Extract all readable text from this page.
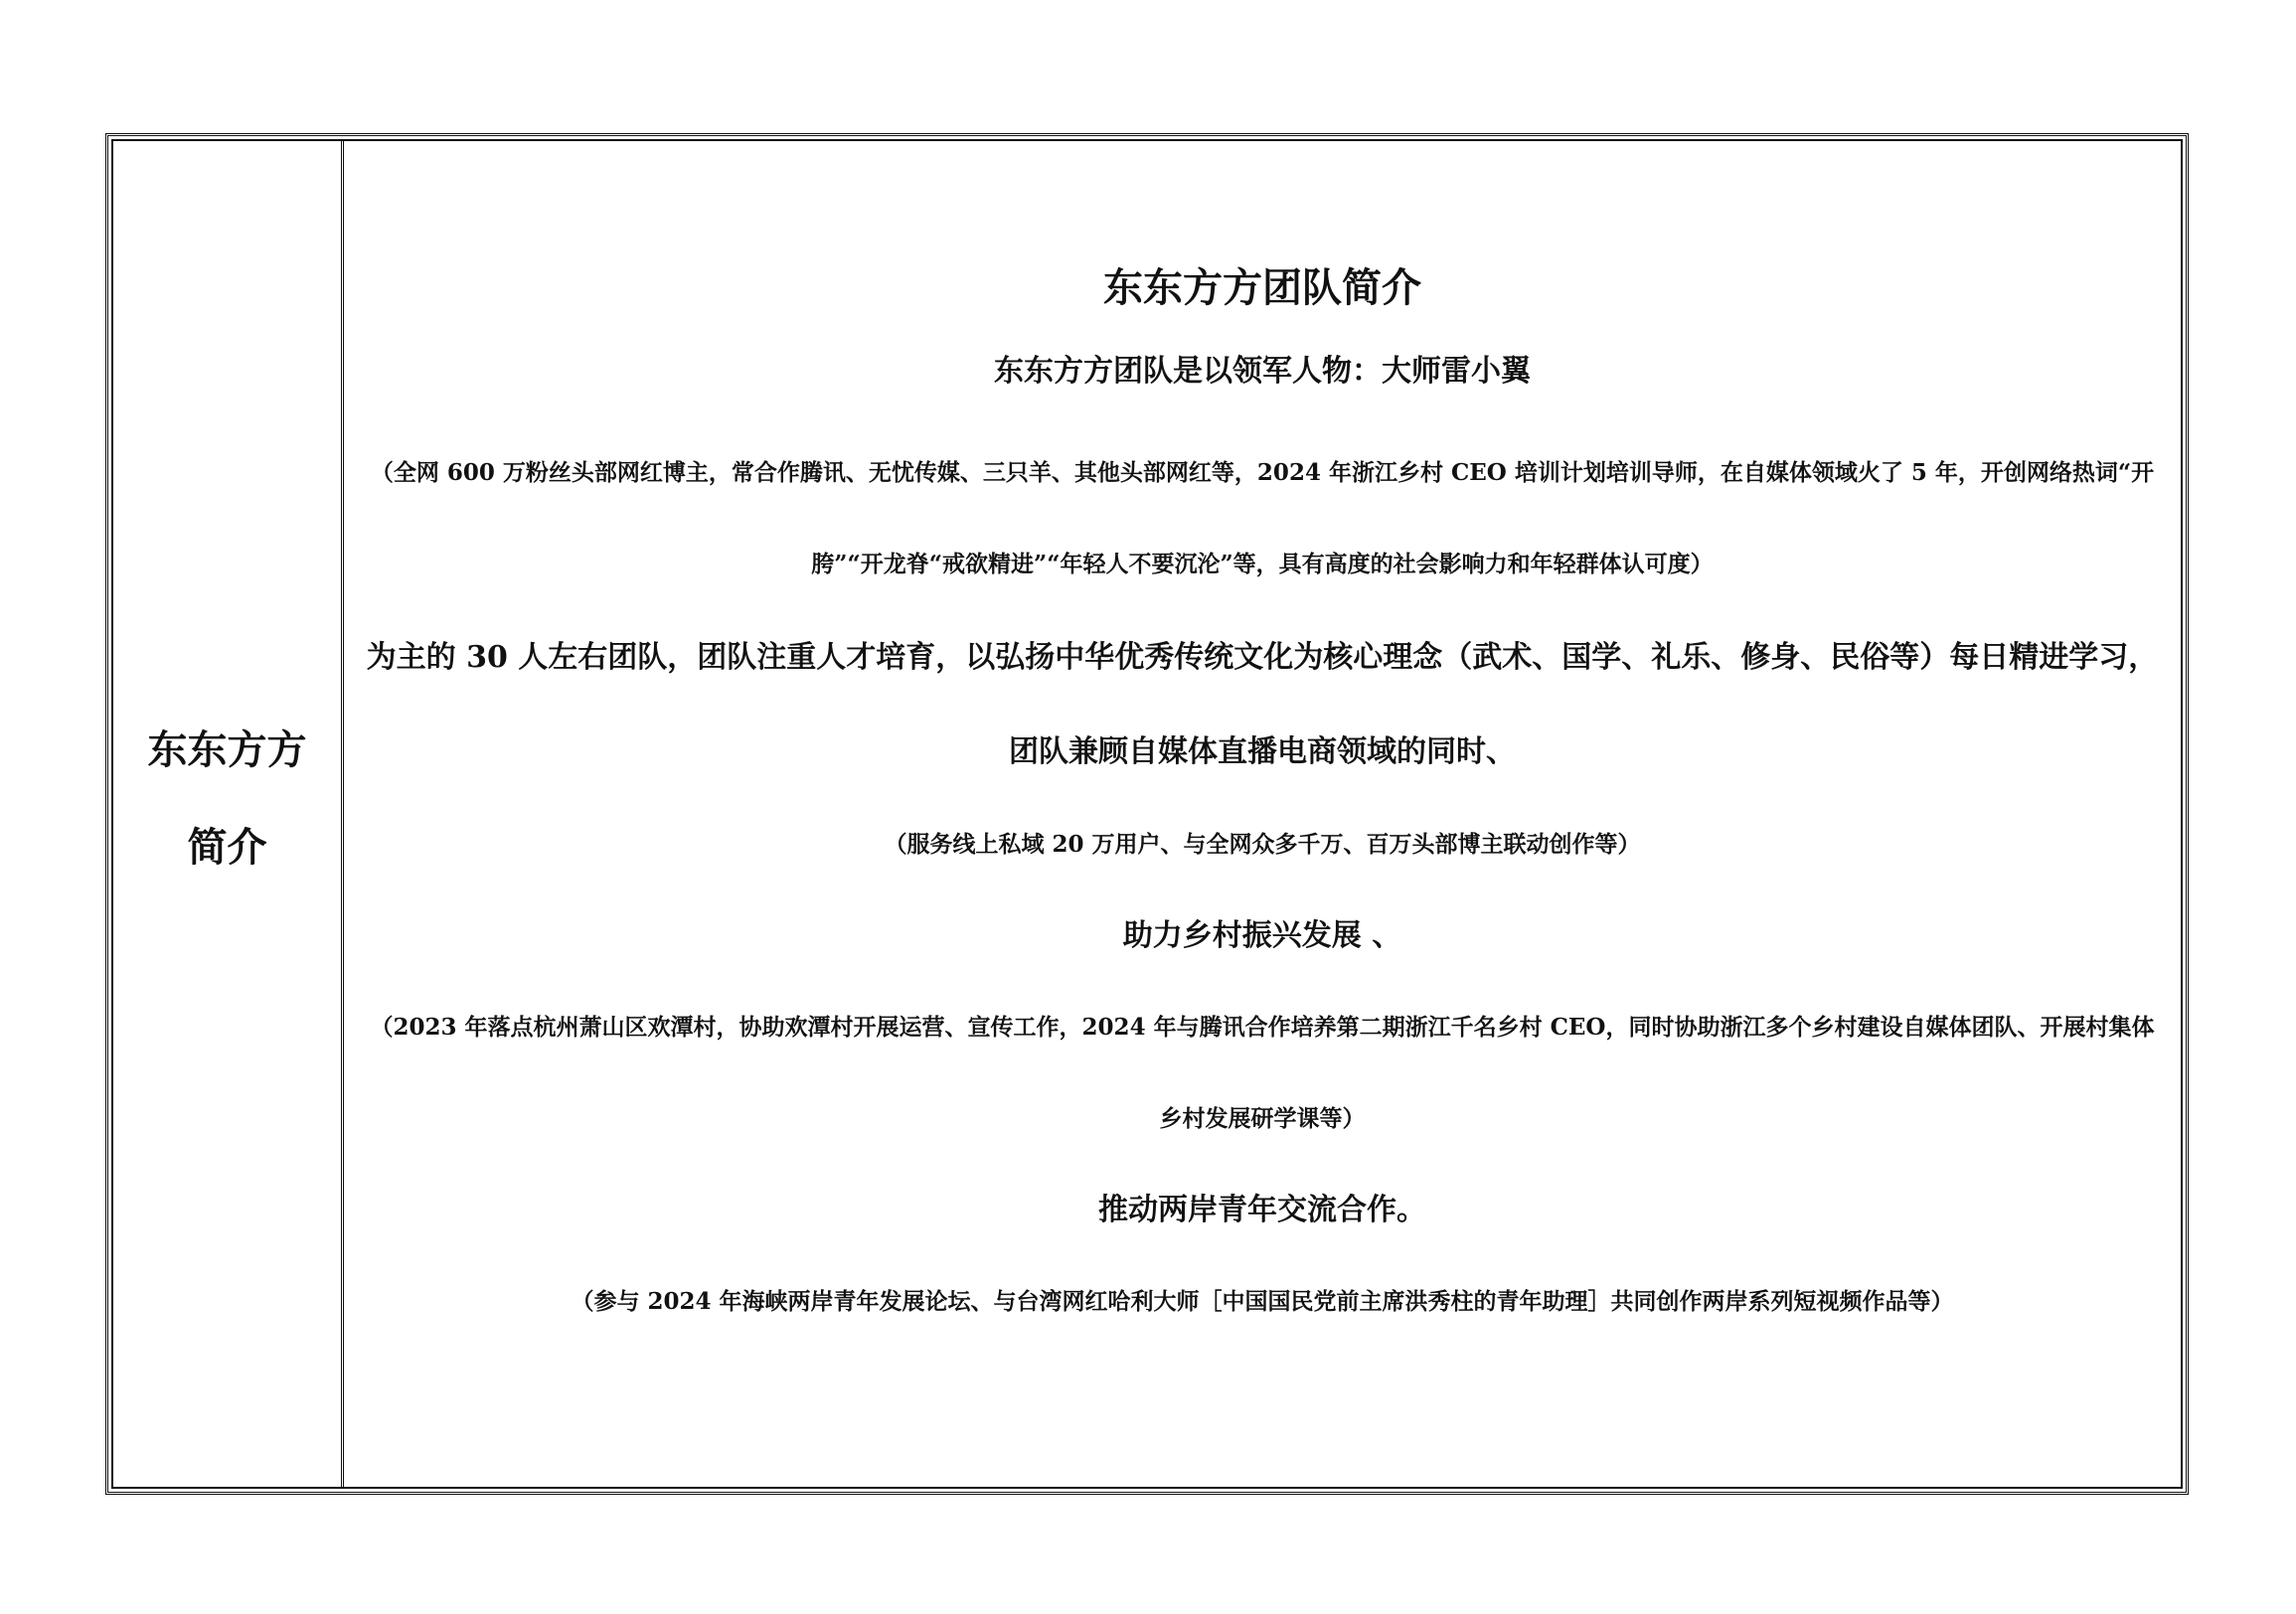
东东方方简介

东东方方团队简介

东东方方团队是以领军人物：大师雷小翼

（全网 600 万粉丝头部网红博主，常合作腾讯、无忧传媒、三只羊、其他头部网红等，2024 年浙江乡村 CEO 培训计划培训导师，在自媒体领域火了 5 年，开创网络热词“开胯”“开龙脊“戒欲精进”“年轻人不要沉沦”等，具有高度的社会影响力和年轻群体认可度）

为主的 30 人左右团队，团队注重人才培育，以弘扬中华优秀传统文化为核心理念（武术、国学、礼乐、修身、民俗等）每日精进学习，团队兼顾自媒体直播电商领域的同时、

（服务线上私域 20 万用户、与全网众多千万、百万头部博主联动创作等）

助力乡村振兴发展 、

（2023 年落点杭州萧山区欢潭村，协助欢潭村开展运营、宣传工作，2024 年与腾讯合作培养第二期浙江千名乡村 CEO，同时协助浙江多个乡村建设自媒体团队、开展村集体乡村发展研学课等）

推动两岸青年交流合作。

（参与 2024 年海峡两岸青年发展论坛、与台湾网红哈利大师［中国国民党前主席洪秀柱的青年助理］共同创作两岸系列短视频作品等）
